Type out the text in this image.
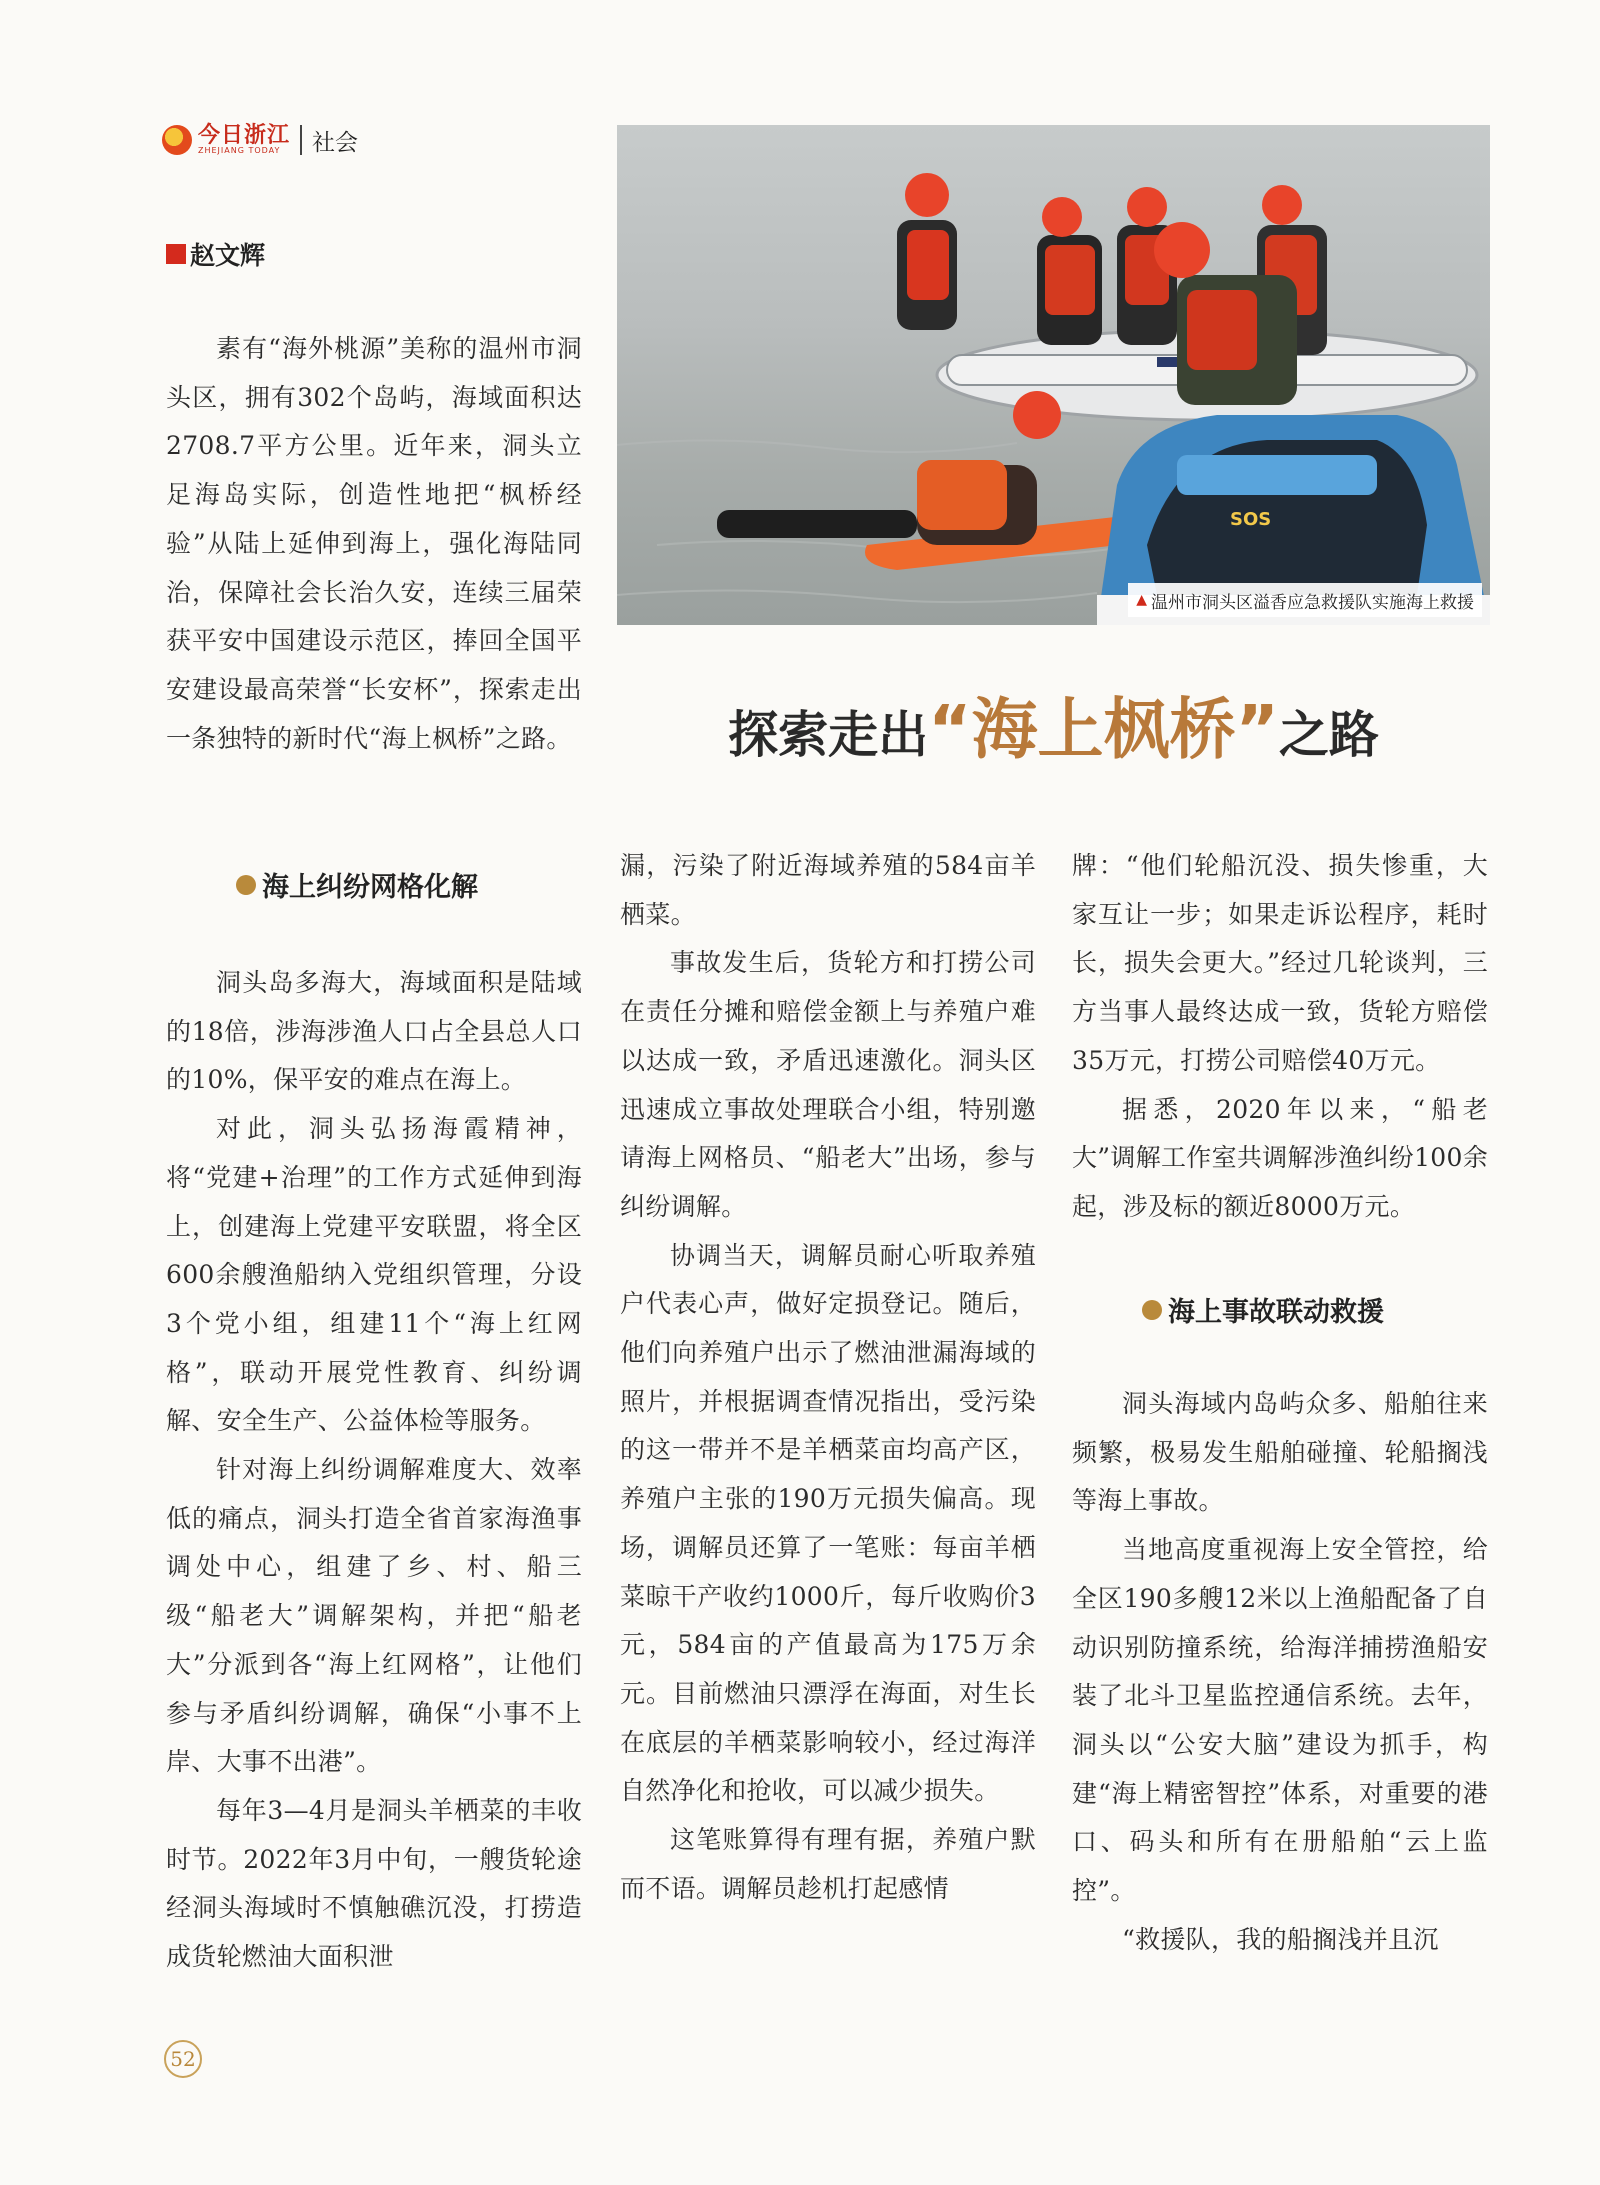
今日浙江
ZHEJIANG TODAY	社会
SOS
▲ 温州市洞头区溢香应急救援队实施海上救援
探索走出“海上枫桥”之路
赵文辉

素有“海外桃源”美称的温州市洞头区，拥有302个岛屿，海域面积达2708.7平方公里。近年来，洞头立足海岛实际，创造性地把“枫桥经验”从陆上延伸到海上，强化海陆同治，保障社会长治久安，连续三届荣获平安中国建设示范区，捧回全国平安建设最高荣誉“长安杯”，探索走出一条独特的新时代“海上枫桥”之路。

海上纠纷网格化解

洞头岛多海大，海域面积是陆域的18倍，涉海涉渔人口占全县总人口的10%，保平安的难点在海上。

对此，洞头弘扬海霞精神，将“党建+治理”的工作方式延伸到海上，创建海上党建平安联盟，将全区600余艘渔船纳入党组织管理，分设3个党小组，组建11个“海上红网格”，联动开展党性教育、纠纷调解、安全生产、公益体检等服务。

针对海上纠纷调解难度大、效率低的痛点，洞头打造全省首家海渔事调处中心，组建了乡、村、船三级“船老大”调解架构，并把“船老大”分派到各“海上红网格”，让他们参与矛盾纠纷调解，确保“小事不上岸、大事不出港”。

每年3—4月是洞头羊栖菜的丰收时节。2022年3月中旬，一艘货轮途经洞头海域时不慎触礁沉没，打捞造成货轮燃油大面积泄

漏，污染了附近海域养殖的584亩羊栖菜。

事故发生后，货轮方和打捞公司在责任分摊和赔偿金额上与养殖户难以达成一致，矛盾迅速激化。洞头区迅速成立事故处理联合小组，特别邀请海上网格员、“船老大”出场，参与纠纷调解。

协调当天，调解员耐心听取养殖户代表心声，做好定损登记。随后，他们向养殖户出示了燃油泄漏海域的照片，并根据调查情况指出，受污染的这一带并不是羊栖菜亩均高产区，养殖户主张的190万元损失偏高。现场，调解员还算了一笔账：每亩羊栖菜晾干产收约1000斤，每斤收购价3元，584亩的产值最高为175万余元。目前燃油只漂浮在海面，对生长在底层的羊栖菜影响较小，经过海洋自然净化和抢收，可以减少损失。

这笔账算得有理有据，养殖户默而不语。调解员趁机打起感情

牌：“他们轮船沉没、损失惨重，大家互让一步；如果走诉讼程序，耗时长，损失会更大。”经过几轮谈判，三方当事人最终达成一致，货轮方赔偿35万元，打捞公司赔偿40万元。

据悉，2020年以来，“船老大”调解工作室共调解涉渔纠纷100余起，涉及标的额近8000万元。

海上事故联动救援

洞头海域内岛屿众多、船舶往来频繁，极易发生船舶碰撞、轮船搁浅等海上事故。

当地高度重视海上安全管控，给全区190多艘12米以上渔船配备了自动识别防撞系统，给海洋捕捞渔船安装了北斗卫星监控通信系统。去年，洞头以“公安大脑”建设为抓手，构建“海上精密智控”体系，对重要的港口、码头和所有在册船舶“云上监控”。

“救援队，我的船搁浅并且沉

52
